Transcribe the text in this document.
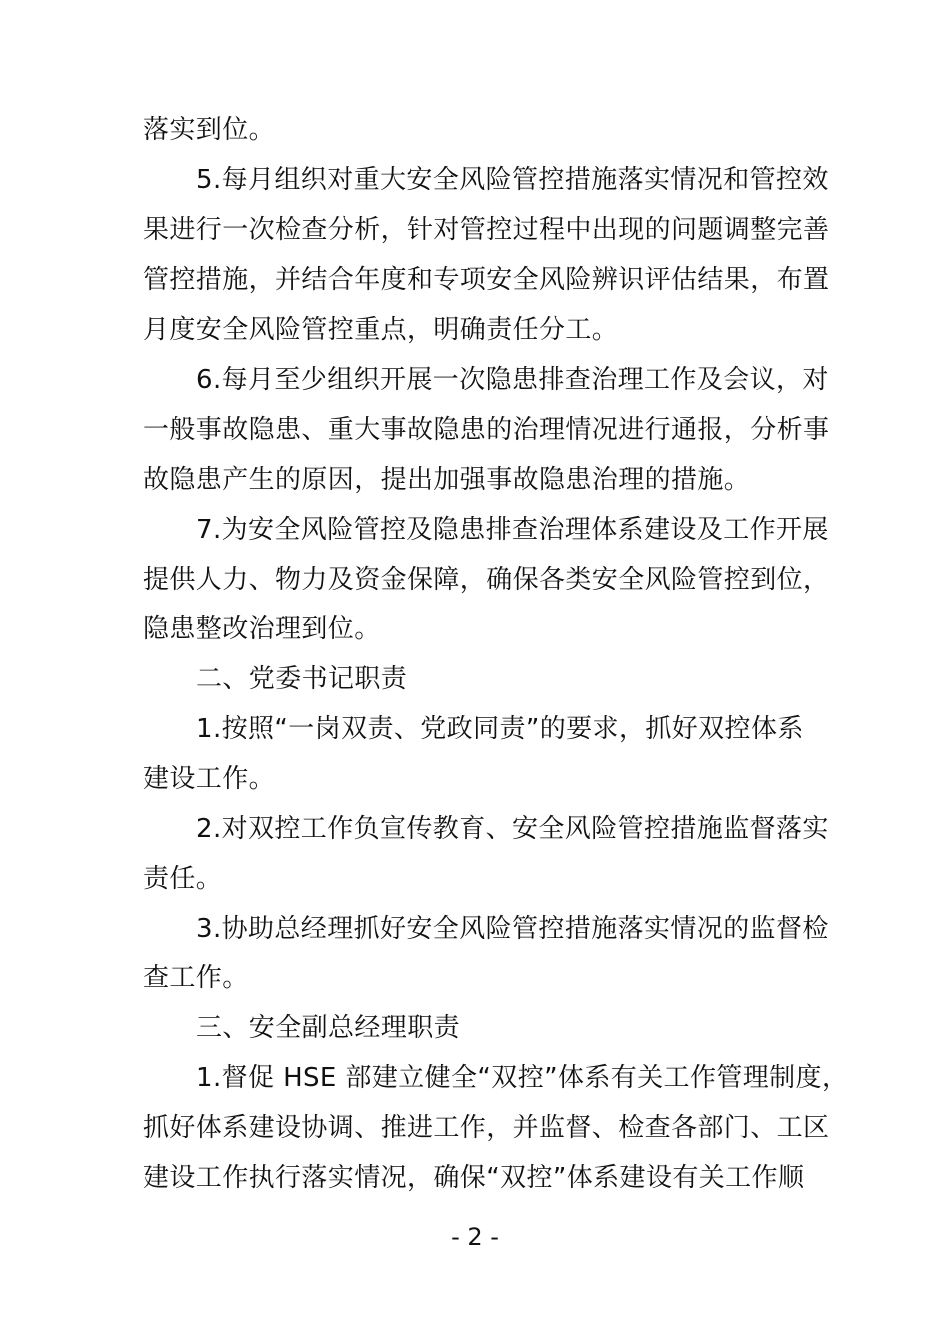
落实到位。
5.每月组织对重大安全风险管控措施落实情况和管控效
果进行一次检查分析，针对管控过程中出现的问题调整完善
管控措施，并结合年度和专项安全风险辨识评估结果，布置
月度安全风险管控重点，明确责任分工。
6.每月至少组织开展一次隐患排查治理工作及会议，对
一般事故隐患、重大事故隐患的治理情况进行通报，分析事
故隐患产生的原因，提出加强事故隐患治理的措施。
7.为安全风险管控及隐患排查治理体系建设及工作开展
提供人力、物力及资金保障，确保各类安全风险管控到位，
隐患整改治理到位。
二、党委书记职责
1.按照“一岗双责、党政同责”的要求，抓好双控体系
建设工作。
2.对双控工作负宣传教育、安全风险管控措施监督落实
责任。
3.协助总经理抓好安全风险管控措施落实情况的监督检
查工作。
三、安全副总经理职责
1.督促 HSE 部建立健全“双控”体系有关工作管理制度，
抓好体系建设协调、推进工作，并监督、检查各部门、工区
建设工作执行落实情况，确保“双控”体系建设有关工作顺
- 2 -
